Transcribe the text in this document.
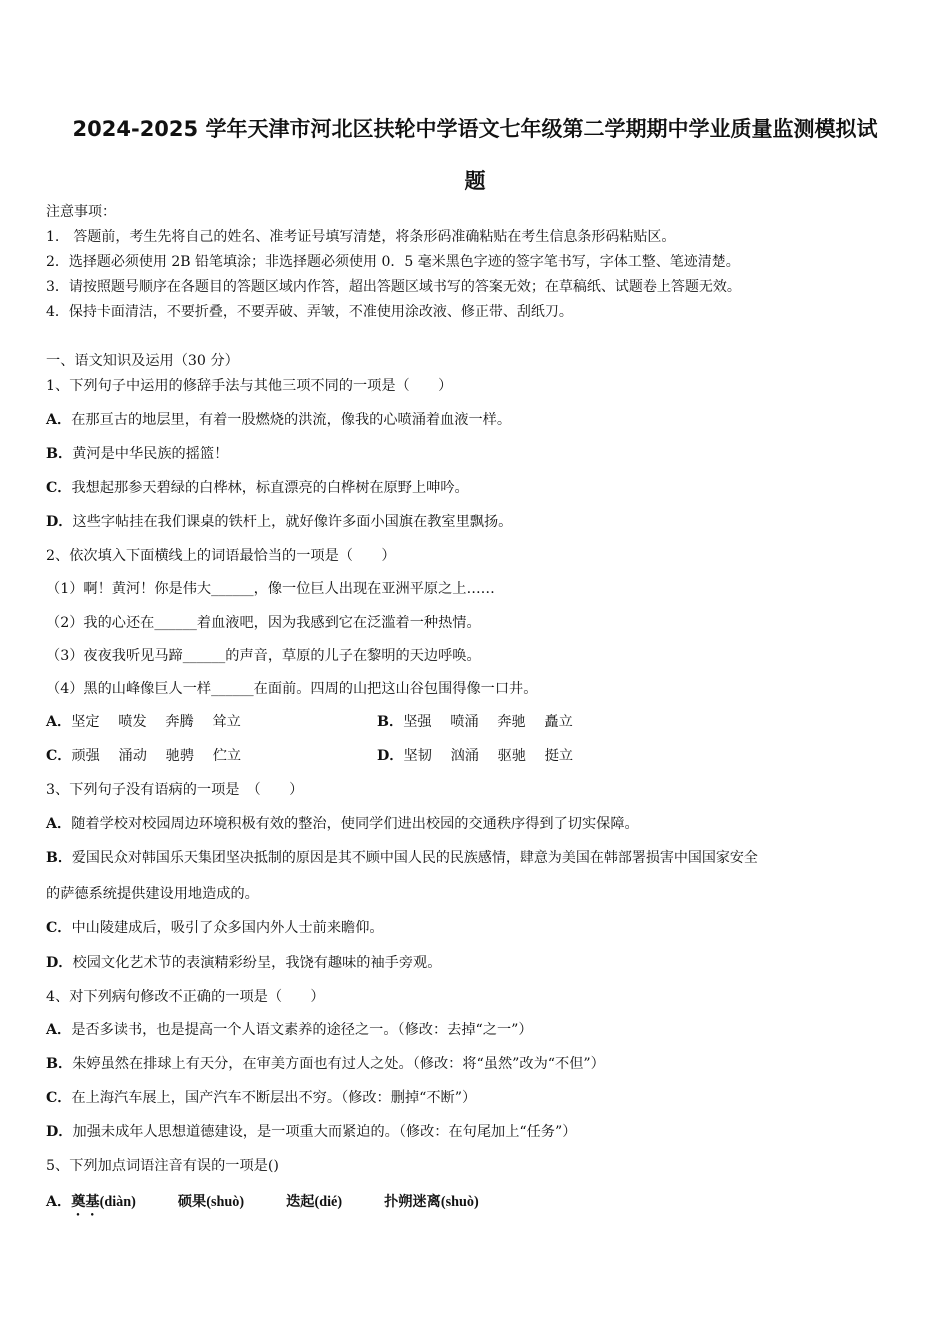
2024-2025 学年天津市河北区扶轮中学语文七年级第二学期期中学业质量监测模拟试
题
注意事项：
1.　答题前，考生先将自己的姓名、准考证号填写清楚，将条形码准确粘贴在考生信息条形码粘贴区。
2．选择题必须使用 2B 铅笔填涂；非选择题必须使用 0．5 毫米黑色字迹的签字笔书写，字体工整、笔迹清楚。
3．请按照题号顺序在各题目的答题区域内作答，超出答题区域书写的答案无效；在草稿纸、试题卷上答题无效。
4．保持卡面清洁，不要折叠，不要弄破、弄皱，不准使用涂改液、修正带、刮纸刀。
一、语文知识及运用（30 分）
1、下列句子中运用的修辞手法与其他三项不同的一项是（　　）
A．在那亘古的地层里，有着一股燃烧的洪流，像我的心喷涌着血液一样。
B．黄河是中华民族的摇篮！
C．我想起那参天碧绿的白桦林，标直漂亮的白桦树在原野上呻吟。
D．这些字帖挂在我们课桌的铁杆上，就好像许多面小国旗在教室里飘扬。
2、依次填入下面横线上的词语最恰当的一项是（　　）
（1）啊！黄河！你是伟大______，像一位巨人出现在亚洲平原之上……
（2）我的心还在______着血液吧，因为我感到它在泛滥着一种热情。
（3）夜夜我听见马蹄______的声音，草原的儿子在黎明的天边呼唤。
（4）黑的山峰像巨人一样______在面前。四周的山把这山谷包围得像一口井。
A．坚定　 喷发　 奔腾　 耸立	B．坚强　 喷涌　 奔驰　 矗立
C．顽强　 涌动　 驰骋　 伫立	D．坚韧　 汹涌　 驱驰　 挺立
3、下列句子没有语病的一项是　（　　）
A．随着学校对校园周边环境积极有效的整治，使同学们进出校园的交通秩序得到了切实保障。
B．爱国民众对韩国乐天集团坚决抵制的原因是其不顾中国人民的民族感情，肆意为美国在韩部署损害中国国家安全
的萨德系统提供建设用地造成的。
C．中山陵建成后，吸引了众多国内外人士前来瞻仰。
D．校园文化艺术节的表演精彩纷呈，我饶有趣味的袖手旁观。
4、对下列病句修改不正确的一项是（　　）
A．是否多读书，也是提高一个人语文素养的途径之一。（修改：去掉“之一”）
B．朱婷虽然在排球上有天分，在审美方面也有过人之处。（修改：将“虽然”改为“不但”）
C．在上海汽车展上，国产汽车不断层出不穷。（修改：删掉“不断”）
D．加强未成年人思想道德建设，是一项重大而紧迫的。（修改：在句尾加上“任务”）
5、下列加点词语注音有误的一项是()
A．奠基(diàn)	硕果(shuò)	迭起(dié)	扑朔迷离(shuò)
